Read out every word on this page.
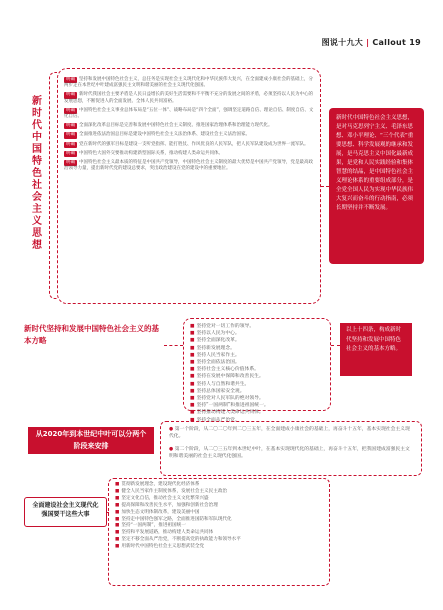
图说十九大 | Callout 19
新时代中国特色社会主义思想
明确 坚持和发展中国特色社会主义，总任务是实现社会主义现代化和中华民族伟大复兴，在全面建成小康社会的基础上，分两步走在本世纪中叶建成富强民主文明和谐美丽的社会主义现代化强国。
明确 新时代我国社会主要矛盾是人民日益增长的美好生活需要和不平衡不充分的发展之间的矛盾，必须坚持以人民为中心的发展思想，不断促进人的全面发展、全体人民共同富裕。
明确 中国特色社会主义事业总体布局是“五位一体”、战略布局是“四个全面”，强调坚定道路自信、理论自信、制度自信、文化自信。
明确 全面深化改革总目标是完善和发展中国特色社会主义制度、推进国家治理体系和治理能力现代化。
明确 全面推进依法治国总目标是建设中国特色社会主义法治体系、建设社会主义法治国家。
明确 党在新时代的强军目标是建设一支听党指挥、能打胜仗、作风优良的人民军队，把人民军队建设成为世界一流军队。
明确 中国特色大国外交要推动构建新型国际关系，推动构建人类命运共同体。
明确 中国特色社会主义最本质的特征是中国共产党领导，中国特色社会主义制度的最大优势是中国共产党领导，党是最高政治领导力量，提出新时代党的建设总要求，突出政治建设在党的建设中的重要地位。
新时代中国特色社会主义思想，是对马克思列宁主义、毛泽东思想、邓小平理论、“三个代表”重要思想、科学发展观的继承和发展，是马克思主义中国化最新成果，是党和人民实践经验和集体智慧的结晶，是中国特色社会主义理论体系的重要组成部分，是全党全国人民为实现中华民族伟大复兴而奋斗的行动指南，必须长期坚持并不断发展。
新时代坚持和发展中国特色社会主义的基本方略
■ 坚持党对一切工作的领导。
■ 坚持以人民为中心。
■ 坚持全面深化改革。
■ 坚持新发展理念。
■ 坚持人民当家作主。
■ 坚持全面依法治国。
■ 坚持社会主义核心价值体系。
■ 坚持在发展中保障和改善民生。
■ 坚持人与自然和谐共生。
■ 坚持总体国家安全观。
■ 坚持党对人民军队的绝对领导。
■ 坚持“一国两制”和推进祖国统一。
■ 坚持推动构建人类命运共同体。
■ 坚持全面从严治党。
以上十四条，构成新时代坚持和发展中国特色社会主义的基本方略。
从2020年到本世纪中叶可以分两个阶段来安排
● 第一个阶段，从二〇二〇年到二〇三五年，在全面建成小康社会的基础上，再奋斗十五年，基本实现社会主义现代化。
● 第二个阶段，从二〇三五年到本世纪中叶，在基本实现现代化的基础上，再奋斗十五年，把我国建成富强民主文明和谐美丽的社会主义现代化强国。
全面建设社会主义现代化强国要干这些大事
■ 贯彻新发展理念，建设现代化经济体系
■ 健全人民当家作主制度体系，发展社会主义民主政治
■ 坚定文化自信，推动社会主义文化繁荣兴盛
■ 提高保障和改善民生水平，加强和创新社会治理
■ 加快生态文明体制改革，建设美丽中国
■ 坚持走中国特色强军之路，全面推进国防和军队现代化
■ 坚持“一国两制”，推进祖国统一
■ 坚持和平发展道路，推动构建人类命运共同体
■ 坚定不移全面从严治党，不断提高党的执政能力和领导水平
■ 用新时代中国特色社会主义思想武装全党
